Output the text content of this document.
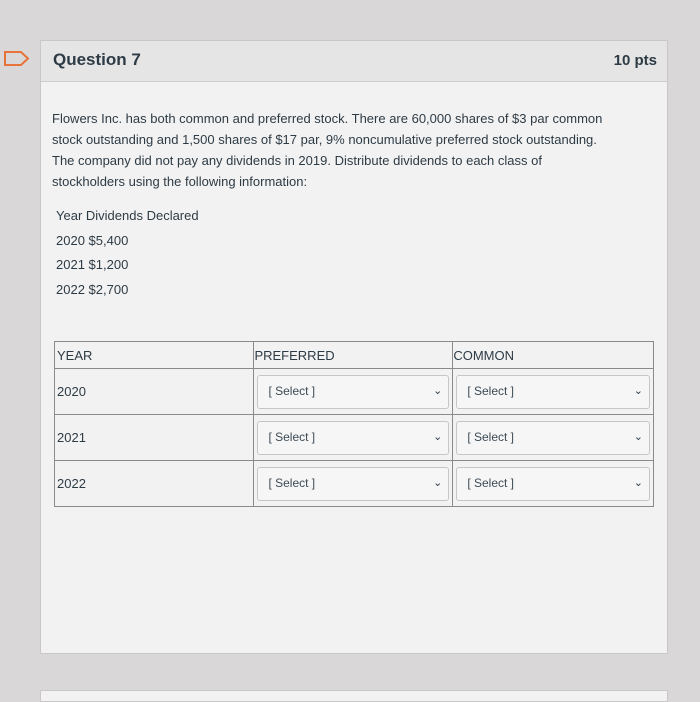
Question 7	10 pts
Flowers Inc. has both common and preferred stock. There are 60,000 shares of $3 par common
stock outstanding and 1,500 shares of $17 par, 9% noncumulative preferred stock outstanding.
The company did not pay any dividends in 2019. Distribute dividends to each class of
stockholders using the following information:
Year Dividends Declared
2020 $5,400
2021 $1,200
2022 $2,700
YEAR	PREFERRED	COMMON
2020	[ Select ] ⌄	[ Select ] ⌄

2021	[ Select ] ⌄	[ Select ] ⌄

2022	[ Select ] ⌄	[ Select ] ⌄
